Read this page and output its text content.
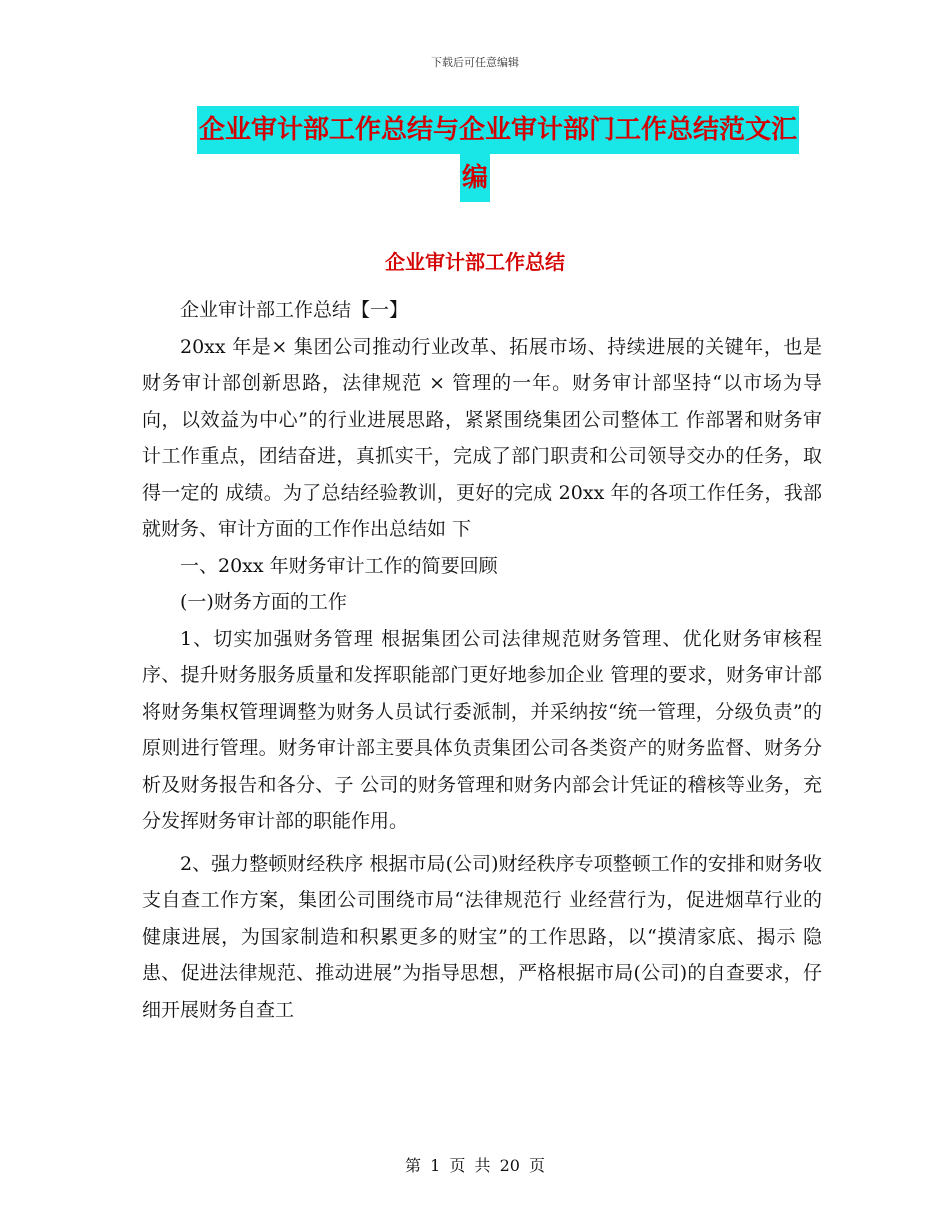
下载后可任意编辑
企业审计部工作总结与企业审计部门工作总结范文汇
编
企业审计部工作总结

企业审计部工作总结【一】

20xx 年是× 集团公司推动行业改革、拓展市场、持续进展的关键年，也是财务审计部创新思路，法律规范 × 管理的一年。财务审计部坚持“以市场为导向，以效益为中心”的行业进展思路，紧紧围绕集团公司整体工 作部署和财务审计工作重点，团结奋进，真抓实干，完成了部门职责和公司领导交办的任务，取得一定的 成绩。为了总结经验教训，更好的完成 20xx 年的各项工作任务，我部就财务、审计方面的工作作出总结如 下

一、20xx 年财务审计工作的简要回顾

(一)财务方面的工作

1、切实加强财务管理 根据集团公司法律规范财务管理、优化财务审核程序、提升财务服务质量和发挥职能部门更好地参加企业 管理的要求，财务审计部将财务集权管理调整为财务人员试行委派制，并采纳按“统一管理，分级负责”的 原则进行管理。财务审计部主要具体负责集团公司各类资产的财务监督、财务分析及财务报告和各分、子 公司的财务管理和财务内部会计凭证的稽核等业务，充分发挥财务审计部的职能作用。

2、强力整顿财经秩序 根据市局(公司)财经秩序专项整顿工作的安排和财务收支自查工作方案，集团公司围绕市局“法律规范行 业经营行为，促进烟草行业的健康进展，为国家制造和积累更多的财宝”的工作思路，以“摸清家底、揭示 隐患、促进法律规范、推动进展”为指导思想，严格根据市局(公司)的自查要求，仔细开展财务自查工

第 1 页 共 20 页
